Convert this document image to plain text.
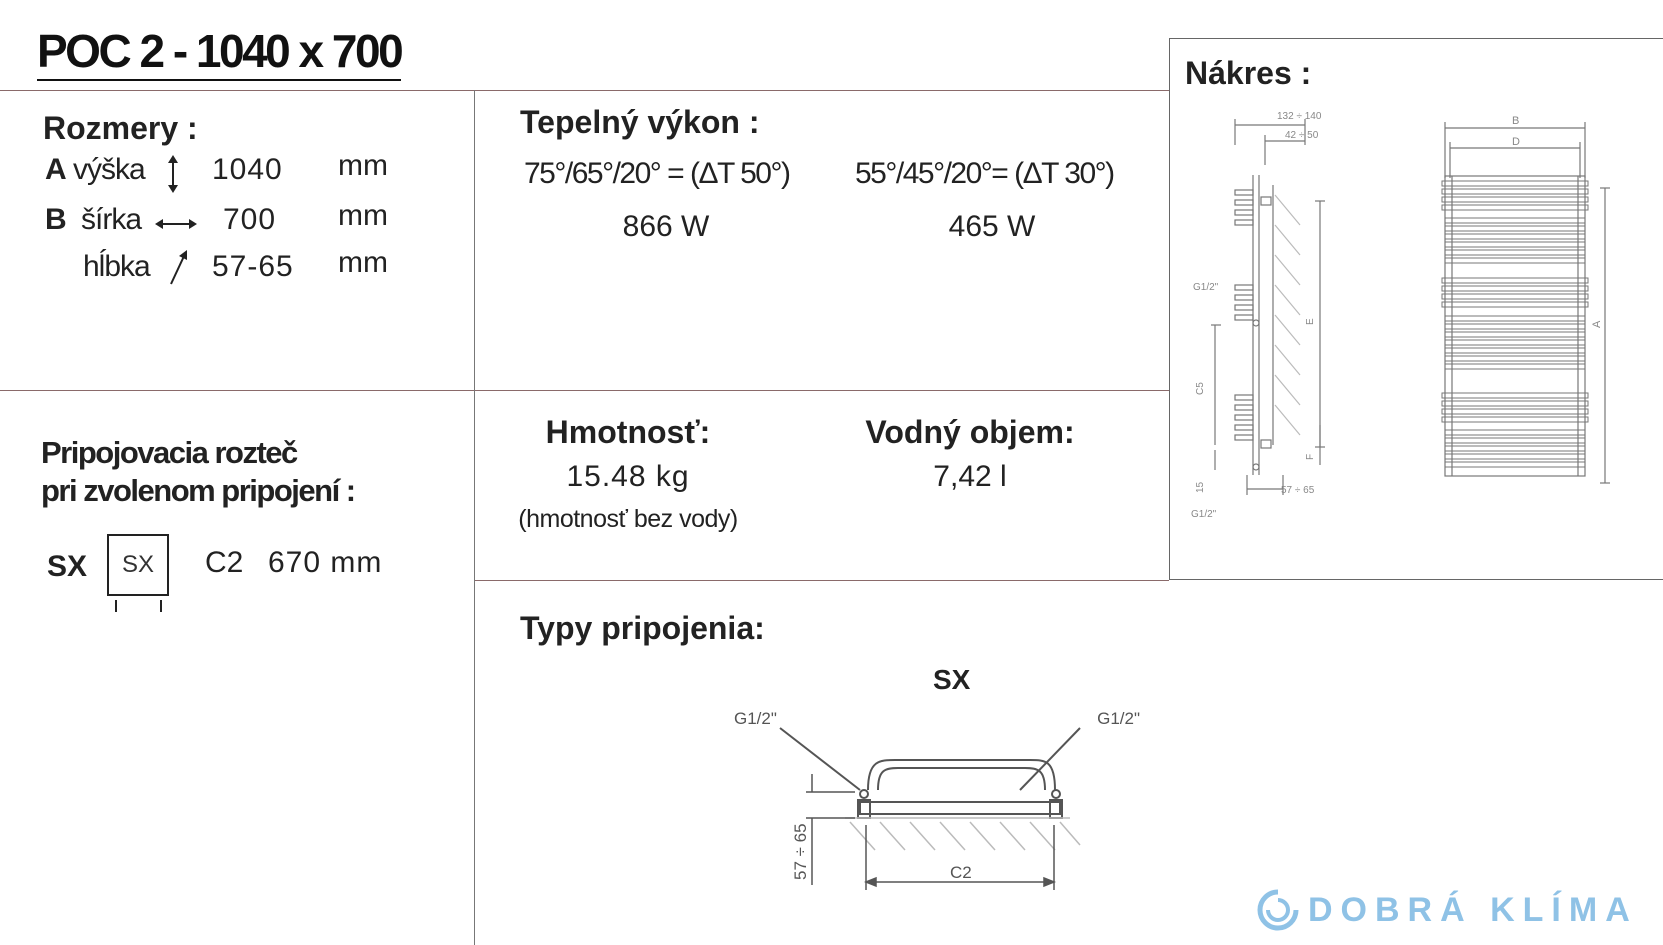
POC 2 - 1040 x 700
Rozmery :
A výška 1040 mm
B šírka	700 mm
hĺbka 57-65 mm
Tepelný výkon :
75°/65°/20° = (ΔT 50°) 55°/45°/20°= (ΔT 30°)
866 W	465 W
Pripojovacia rozteč
pri zvolenom pripojení :
SX	SX	C2 670 mm
Hmotnosť:
15.48 kg
(hmotnosť bez vody)
Vodný objem:
7,42 l
Nákres :
132 ÷ 140
42 ÷ 50
G1/2"
C5
E
F
15	57 ÷ 65
G1/2"
B
D
A
Typy pripojenia:
SX
G1/2"	G1/2"
C2
57 ÷ 65
DOBRÁ KLÍMA
